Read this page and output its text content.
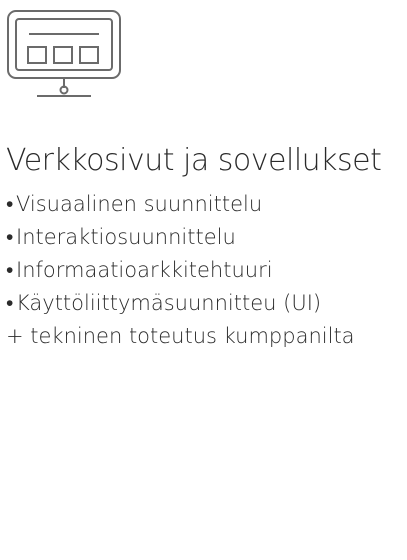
Verkkosivut ja sovellukset
• Visuaalinen suunnittelu
• Interaktiosuunnittelu
• Informaatioarkkitehtuuri
• Käyttöliittymäsuunnitteu (UI)

+ tekninen toteutus kumppanilta
